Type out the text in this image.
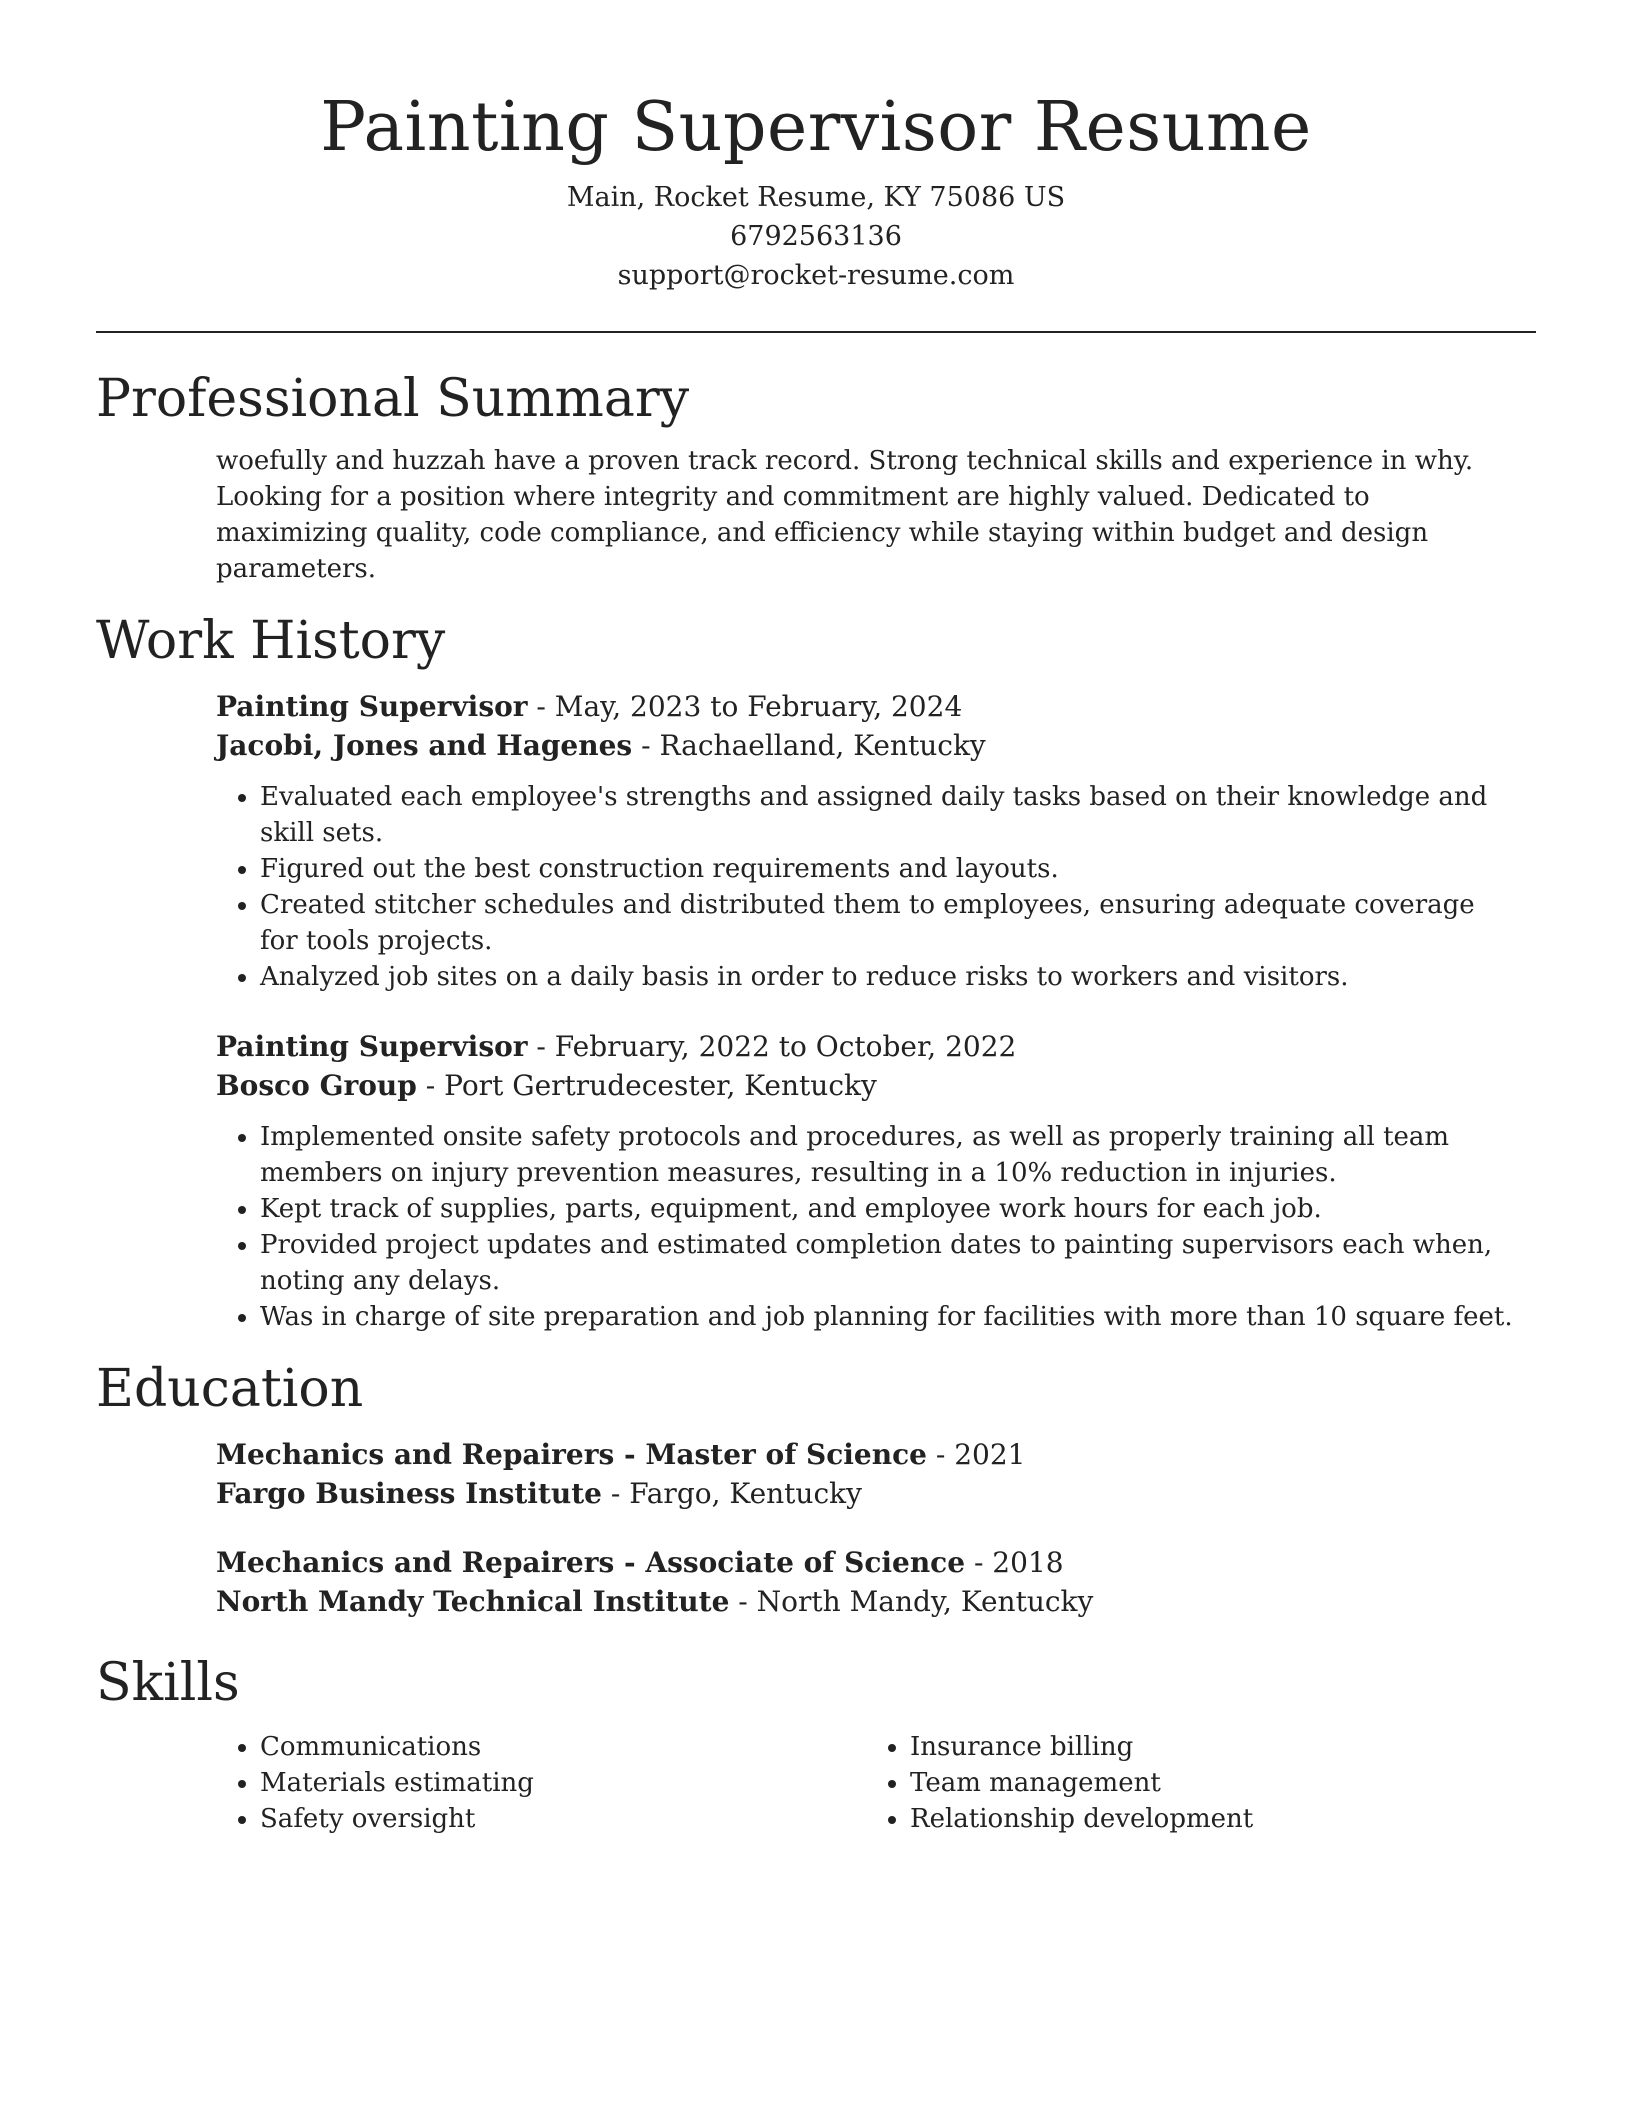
Painting Supervisor Resume
Main, Rocket Resume, KY 75086 US
6792563136
support@rocket-resume.com
Professional Summary
woefully and huzzah have a proven track record. Strong technical skills and experience in why. Looking for a position where integrity and commitment are highly valued. Dedicated to maximizing quality, code compliance, and efficiency while staying within budget and design parameters.
Work History
Painting Supervisor - May, 2023 to February, 2024
Jacobi, Jones and Hagenes - Rachaelland, Kentucky
• Evaluated each employee's strengths and assigned daily tasks based on their knowledge and skill sets.
• Figured out the best construction requirements and layouts.
• Created stitcher schedules and distributed them to employees, ensuring adequate coverage for tools projects.
• Analyzed job sites on a daily basis in order to reduce risks to workers and visitors.
Painting Supervisor - February, 2022 to October, 2022
Bosco Group - Port Gertrudecester, Kentucky
• Implemented onsite safety protocols and procedures, as well as properly training all team members on injury prevention measures, resulting in a 10% reduction in injuries.
• Kept track of supplies, parts, equipment, and employee work hours for each job.
• Provided project updates and estimated completion dates to painting supervisors each when, noting any delays.
• Was in charge of site preparation and job planning for facilities with more than 10 square feet.
Education
Mechanics and Repairers - Master of Science - 2021
Fargo Business Institute - Fargo, Kentucky
Mechanics and Repairers - Associate of Science - 2018
North Mandy Technical Institute - North Mandy, Kentucky
Skills
• Communications
• Materials estimating
• Safety oversight
• Insurance billing
• Team management
• Relationship development
